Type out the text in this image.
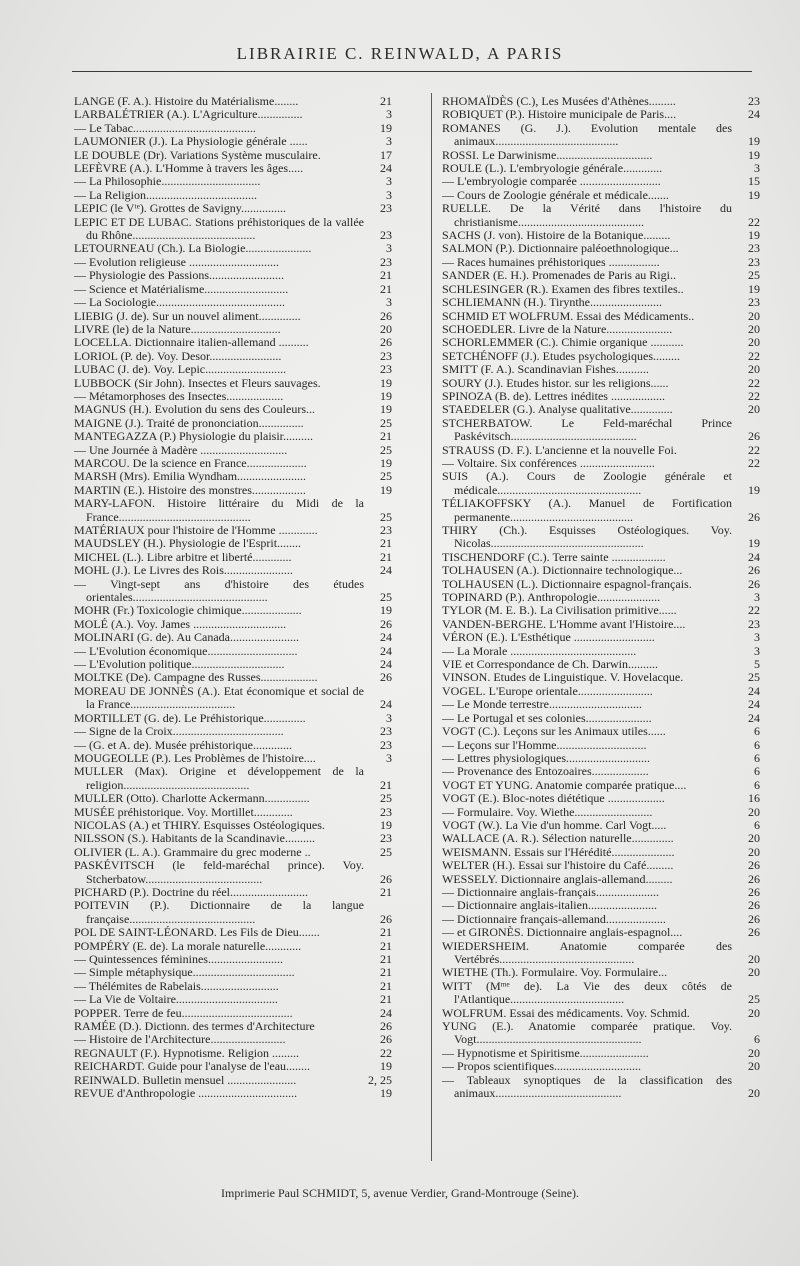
LIBRAIRIE C. REINWALD, A PARIS
LANGE (F. A.). Histoire du Matérialisme........	21
LARBALÉTRIER (A.). L'Agriculture...............	3
— Le Tabac.........................................	19
LAUMONIER (J.). La Physiologie générale ......	3
LE DOUBLE (Dr). Variations Système musculaire.	17
LEFÈVRE (A.). L'Homme à travers les âges.....	24
— La Philosophie.................................	3
— La Religion.....................................	3
LEPIC (le Vᵗᵉ). Grottes de Savigny...............	23
LEPIC ET DE LUBAC. Stations préhistoriques de la vallée du Rhône.........................................	23
LETOURNEAU (Ch.). La Biologie......................	3
— Evolution religieuse ..............................	23
— Physiologie des Passions.........................	21
— Science et Matérialisme............................	21
— La Sociologie...........................................	3
LIEBIG (J. de). Sur un nouvel aliment..............	26
LIVRE (le) de la Nature..............................	20
LOCELLA. Dictionnaire italien-allemand ..........	26
LORIOL (P. de). Voy. Desor........................	23
LUBAC (J. de). Voy. Lepic...........................	23
LUBBOCK (Sir John). Insectes et Fleurs sauvages.	19
— Métamorphoses des Insectes...................	19
MAGNUS (H.). Evolution du sens des Couleurs...	19
MAIGNE (J.). Traité de prononciation...............	25
MANTEGAZZA (P.) Physiologie du plaisir..........	21
— Une Journée à Madère .............................	25
MARCOU. De la science en France....................	19
MARSH (Mrs). Emilia Wyndham.......................	25
MARTIN (E.). Histoire des monstres..................	19
MARY-LAFON. Histoire littéraire du Midi de la France............................................	25
MATÉRIAUX pour l'histoire de l'Homme .............	23
MAUDSLEY (H.). Physiologie de l'Esprit........	21
MICHEL (L.). Libre arbitre et liberté.............	21
MOHL (J.). Le Livres des Rois.......................	24
— Vingt-sept ans d'histoire des études orientales.............................................	25
MOHR (Fr.) Toxicologie chimique....................	19
MOLÉ (A.). Voy. James ...............................	26
MOLINARI (G. de). Au Canada.......................	24
— L'Evolution économique..............................	24
— L'Evolution politique...............................	24
MOLTKE (De). Campagne des Russes...................	26
MOREAU DE JONNÈS (A.). Etat économique et social de la France...................................	24
MORTILLET (G. de). Le Préhistorique..............	3
— Signe de la Croix.....................................	23
— (G. et A. de). Musée préhistorique.............	23
MOUGEOLLE (P.). Les Problèmes de l'histoire....	3
MULLER (Max). Origine et développement de la religion..........................................	21
MULLER (Otto). Charlotte Ackermann...............	25
MUSÉE préhistorique. Voy. Mortillet.............	23
NICOLAS (A.) et THIRY. Esquisses Ostéologiques.	19
NILSSON (S.). Habitants de la Scandinavie..........	23
OLIVIER (L. A.). Grammaire du grec moderne ..	25
PASKÉVITSCH (le feld-maréchal prince). Voy. Stcherbatow.......................................	26
PICHARD (P.). Doctrine du réel..........................	21
POITEVIN (P.). Dictionnaire de la langue française..........................................	26
POL DE SAINT-LÉONARD. Les Fils de Dieu.......	21
POMPÉRY (E. de). La morale naturelle............	21
— Quintessences féminines.........................	21
— Simple métaphysique..................................	21
— Thélémites de Rabelais..........................	21
— La Vie de Voltaire..................................	21
POPPER. Terre de feu.....................................	24
RAMÉE (D.). Dictionn. des termes d'Architecture	26
— Histoire de l'Architecture.........................	26
REGNAULT (F.). Hypnotisme. Religion .........	22
REICHARDT. Guide pour l'analyse de l'eau........	19
REINWALD. Bulletin mensuel .......................	2, 25
REVUE d'Anthropologie .................................	19
RHOMAÏDÈS (C.), Les Musées d'Athènes.........	23
ROBIQUET (P.). Histoire municipale de Paris....	24
ROMANES (G. J.). Evolution mentale des animaux.........................................	19
ROSSI. Le Darwinisme................................	19
ROULE (L.). L'embryologie générale.............	3
— L'embryologie comparée ...........................	15
— Cours de Zoologie générale et médicale.......	19
RUELLE. De la Vérité dans l'histoire du christianisme..........................................	22
SACHS (J. von). Histoire de la Botanique.........	19
SALMON (P.). Dictionnaire paléoethnologique...	23
— Races humaines préhistoriques .................	23
SANDER (E. H.). Promenades de Paris au Rigi..	25
SCHLESINGER (R.). Examen des fibres textiles..	19
SCHLIEMANN (H.). Tirynthe........................	23
SCHMID ET WOLFRUM. Essai des Médicaments..	20
SCHOEDLER. Livre de la Nature......................	20
SCHORLEMMER (C.). Chimie organique ...........	20
SETCHÉNOFF (J.). Etudes psychologiques.........	22
SMITT (F. A.). Scandinavian Fishes...........	20
SOURY (J.). Etudes histor. sur les religions......	22
SPINOZA (B. de). Lettres inédites ..................	22
STAEDELER (G.). Analyse qualitative..............	20
STCHERBATOW. Le Feld-maréchal Prince Paskévitsch..........................................	26
STRAUSS (D. F.). L'ancienne et la nouvelle Foi.	22
— Voltaire. Six conférences .........................	22
SUIS (A.). Cours de Zoologie générale et médicale................................................	19
TÉLIAKOFFSKY (A.). Manuel de Fortification permanente.........................................	26
THIRY (Ch.). Esquisses Ostéologiques. Voy. Nicolas...................................................	19
TISCHENDORF (C.). Terre sainte ..................	24
TOLHAUSEN (A.). Dictionnaire technologique...	26
TOLHAUSEN (L.). Dictionnaire espagnol-français.	26
TOPINARD (P.). Anthropologie.....................	3
TYLOR (M. E. B.). La Civilisation primitive......	22
VANDEN-BERGHE. L'Homme avant l'Histoire....	23
VÉRON (E.). L'Esthétique ...........................	3
— La Morale ..........................................	3
VIE et Correspondance de Ch. Darwin..........	5
VINSON. Etudes de Linguistique. V. Hovelacque.	25
VOGEL. L'Europe orientale.........................	24
— Le Monde terrestre...............................	24
— Le Portugal et ses colonies......................	24
VOGT (C.). Leçons sur les Animaux utiles......	6
— Leçons sur l'Homme..............................	6
— Lettres physiologiques............................	6
— Provenance des Entozoaires...................	6
VOGT ET YUNG. Anatomie comparée pratique....	6
VOGT (E.). Bloc-notes diététique ...................	16
— Formulaire. Voy. Wiethe..........................	20
VOGT (W.). La Vie d'un homme. Carl Vogt.....	6
WALLACE (A. R.). Sélection naturelle..............	20
WEISMANN. Essais sur l'Hérédité.....................	20
WELTER (H.). Essai sur l'histoire du Café.........	26
WESSELY. Dictionnaire anglais-allemand.........	26
— Dictionnaire anglais-français.....................	26
— Dictionnaire anglais-italien.......................	26
— Dictionnaire français-allemand....................	26
— et GIRONÈS. Dictionnaire anglais-espagnol....	26
WIEDERSHEIM. Anatomie comparée des Vertébrés.............................................	20
WIETHE (Th.). Formulaire. Voy. Formulaire...	20
WITT (Mᵐᵉ de). La Vie des deux côtés de l'Atlantique......................................	25
WOLFRUM. Essai des médicaments. Voy. Schmid.	20
YUNG (E.). Anatomie comparée pratique. Voy. Vogt.......................................................	6
— Hypnotisme et Spiritisme.......................	20
— Propos scientifiques.............................	20
— Tableaux synoptiques de la classification des animaux..........................................	20
Imprimerie Paul SCHMIDT, 5, avenue Verdier, Grand-Montrouge (Seine).
